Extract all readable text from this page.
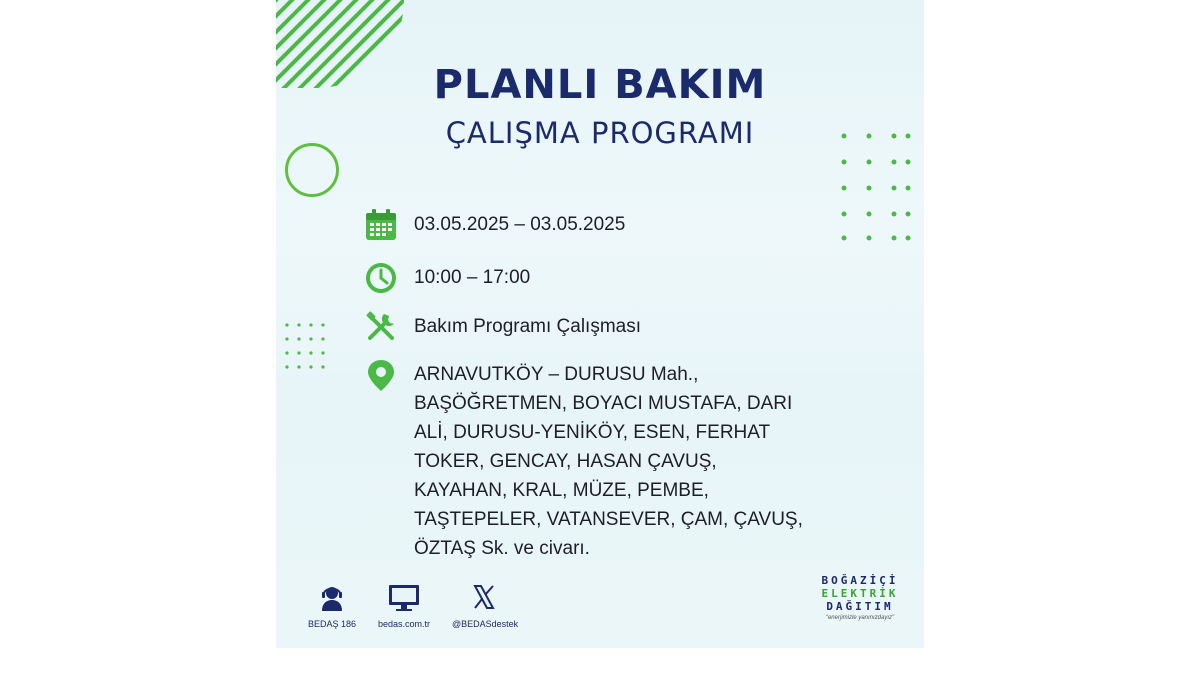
PLANLI BAKIM
ÇALIŞMA PROGRAMI
03.05.2025 – 03.05.2025
10:00 – 17:00
Bakım Programı Çalışması
ARNAVUTKÖY – DURUSU Mah.,
BAŞÖĞRETMEN, BOYACI MUSTAFA, DARI
ALİ, DURUSU-YENİKÖY, ESEN, FERHAT
TOKER, GENCAY, HASAN ÇAVUŞ,
KAYAHAN, KRAL, MÜZE, PEMBE,
TAŞTEPELER, VATANSEVER, ÇAM, ÇAVUŞ,
ÖZTAŞ Sk. ve civarı.
BEDAŞ 186	bedas.com.tr	@BEDASdestek
BOĞAZİÇİ
ELEKTRİK
DAĞITIM
"enerjimizle yanınızdayız"
